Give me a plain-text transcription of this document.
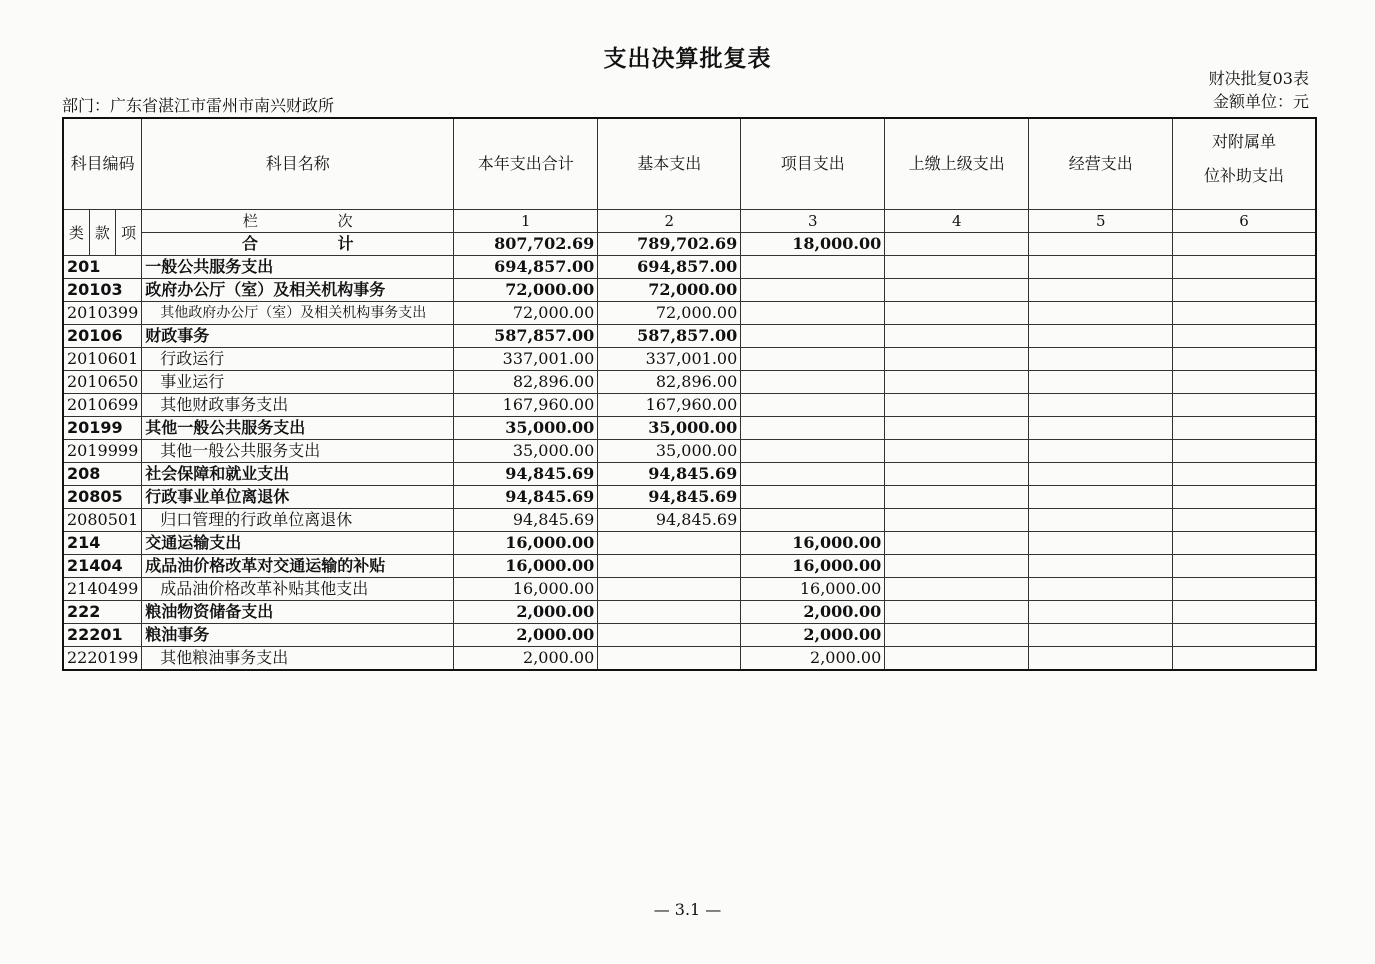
支出决算批复表
财决批复03表
部门：广东省湛江市雷州市南兴财政所	金额单位：元
科目编码			科目名称	本年支出合计	基本支出	项目支出	上缴上级支出	经营支出	对附属单
位补助支出

类	款	项	栏 次	1	2	3	4	5	6
			合 计	807,702.69	789,702.69	18,000.00			
201			一般公共服务支出	694,857.00	694,857.00				
20103			政府办公厅（室）及相关机构事务	72,000.00	72,000.00				
2010399			其他政府办公厅（室）及相关机构事务支出	72,000.00	72,000.00				
20106			财政事务	587,857.00	587,857.00				
2010601			行政运行	337,001.00	337,001.00				
2010650			事业运行	82,896.00	82,896.00				
2010699			其他财政事务支出	167,960.00	167,960.00				
20199			其他一般公共服务支出	35,000.00	35,000.00				
2019999			其他一般公共服务支出	35,000.00	35,000.00				
208			社会保障和就业支出	94,845.69	94,845.69				
20805			行政事业单位离退休	94,845.69	94,845.69				
2080501			归口管理的行政单位离退休	94,845.69	94,845.69				
214			交通运输支出	16,000.00		16,000.00			
21404			成品油价格改革对交通运输的补贴	16,000.00		16,000.00			
2140499			成品油价格改革补贴其他支出	16,000.00		16,000.00			
222			粮油物资储备支出	2,000.00		2,000.00			
22201			粮油事务	2,000.00		2,000.00			
2220199			其他粮油事务支出	2,000.00		2,000.00			
— 3.1 —
